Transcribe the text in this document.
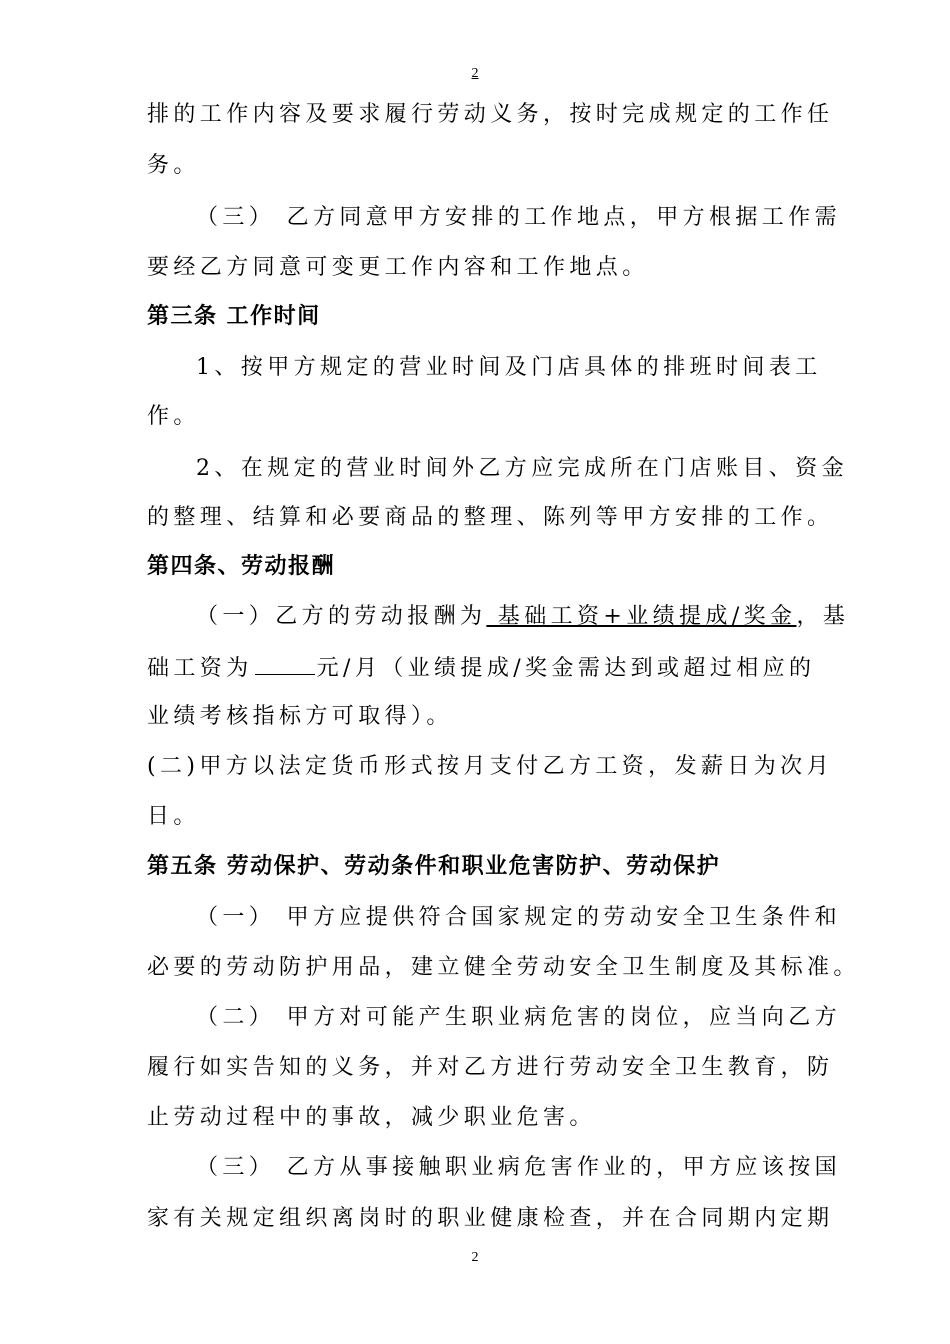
2
排的工作内容及要求履行劳动义务，按时完成规定的工作任
务。
（三） 乙方同意甲方安排的工作地点，甲方根据工作需
要经乙方同意可变更工作内容和工作地点。
第三条 工作时间
1、按甲方规定的营业时间及门店具体的排班时间表工
作。
2、在规定的营业时间外乙方应完成所在门店账目、资金
的整理、结算和必要商品的整理、陈列等甲方安排的工作。
第四条、劳动报酬
（一）乙方的劳动报酬为 基础工资+业绩提成/奖金，基
础工资为	元/月（业绩提成/奖金需达到或超过相应的
业绩考核指标方可取得）。
(二)甲方以法定货币形式按月支付乙方工资，发薪日为次月
日。
第五条 劳动保护、劳动条件和职业危害防护、劳动保护
（一） 甲方应提供符合国家规定的劳动安全卫生条件和
必要的劳动防护用品，建立健全劳动安全卫生制度及其标准。
（二） 甲方对可能产生职业病危害的岗位，应当向乙方
履行如实告知的义务，并对乙方进行劳动安全卫生教育，防
止劳动过程中的事故，减少职业危害。
（三） 乙方从事接触职业病危害作业的，甲方应该按国
家有关规定组织离岗时的职业健康检查，并在合同期内定期
2
